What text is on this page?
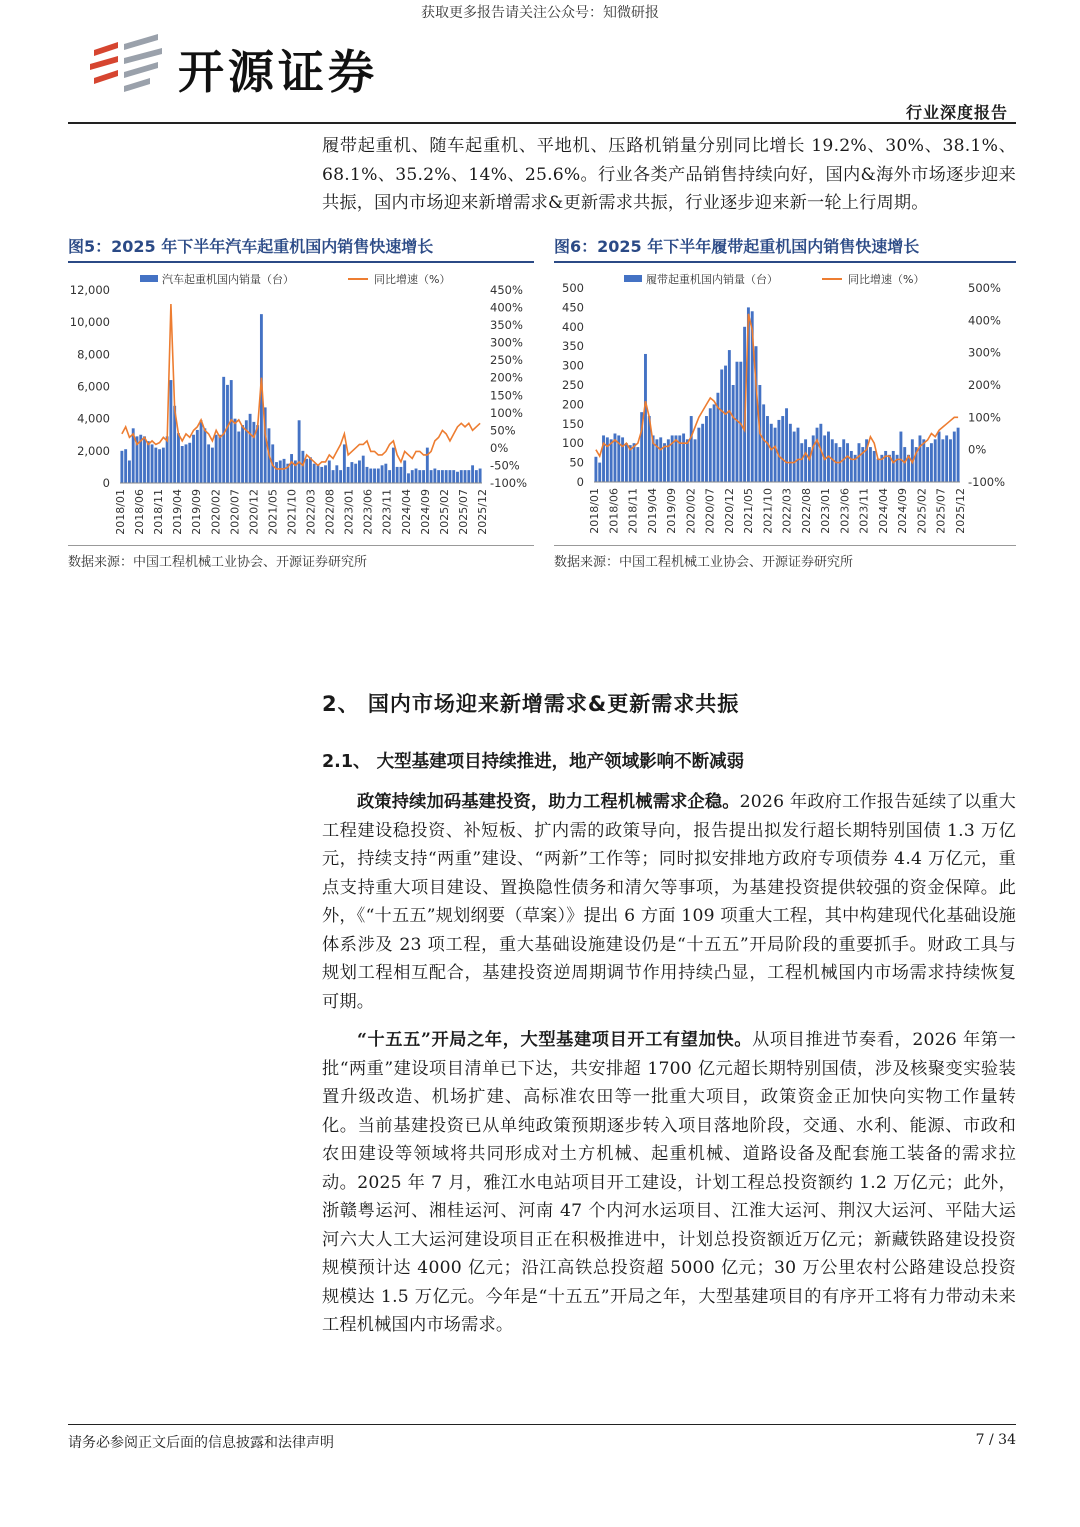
获取更多报告请关注公众号：知微研报
开源证券
行业深度报告
履带起重机、随车起重机、平地机、压路机销量分别同比增长 19.2%、30%、38.1%、68.1%、35.2%、14%、25.6%。行业各类产品销售持续向好，国内&海外市场逐步迎来共振，国内市场迎来新增需求&更新需求共振，行业逐步迎来新一轮上行周期。
图5：2025 年下半年汽车起重机国内销售快速增长
汽车起重机国内销量（台）	同比增速（%）
12,000
10,000
8,000
6,000
4,000
2,000
0
450%
400%
350%
300%
250%
200%
150%
100%
50%
0%
-50%
-100%
2018/01 2018/06 2018/11 2019/04 2019/09 2020/02 2020/07 2020/12 2021/05 2021/10 2022/03 2022/08 2023/01 2023/06 2023/11 2024/04 2024/09 2025/02 2025/07 2025/12
数据来源：中国工程机械工业协会、开源证券研究所
图6：2025 年下半年履带起重机国内销售快速增长
履带起重机国内销量（台）	同比增速（%）
500
450
400
350
300
250
200
150
100
50
0
500%
400%
300%
200%
100%
0%
-100%
2018/01 2018/06 2018/11 2019/04 2019/09 2020/02 2020/07 2020/12 2021/05 2021/10 2022/03 2022/08 2023/01 2023/06 2023/11 2024/04 2024/09 2025/02 2025/07 2025/12
数据来源：中国工程机械工业协会、开源证券研究所
2、 国内市场迎来新增需求&更新需求共振
2.1、 大型基建项目持续推进，地产领域影响不断减弱
政策持续加码基建投资，助力工程机械需求企稳。2026 年政府工作报告延续了以重大工程建设稳投资、补短板、扩内需的政策导向，报告提出拟发行超长期特别国债 1.3 万亿元，持续支持“两重”建设、“两新”工作等；同时拟安排地方政府专项债券 4.4 万亿元，重点支持重大项目建设、置换隐性债务和清欠等事项，为基建投资提供较强的资金保障。此外，《“十五五”规划纲要（草案）》提出 6 方面 109 项重大工程，其中构建现代化基础设施体系涉及 23 项工程，重大基础设施建设仍是“十五五”开局阶段的重要抓手。财政工具与规划工程相互配合，基建投资逆周期调节作用持续凸显，工程机械国内市场需求持续恢复可期。
“十五五”开局之年，大型基建项目开工有望加快。从项目推进节奏看，2026 年第一批“两重”建设项目清单已下达，共安排超 1700 亿元超长期特别国债，涉及核聚变实验装置升级改造、机场扩建、高标准农田等一批重大项目，政策资金正加快向实物工作量转化。当前基建投资已从单纯政策预期逐步转入项目落地阶段，交通、水利、能源、市政和农田建设等领域将共同形成对土方机械、起重机械、道路设备及配套施工装备的需求拉动。2025 年 7 月，雅江水电站项目开工建设，计划工程总投资额约 1.2 万亿元；此外，浙赣粤运河、湘桂运河、河南 47 个内河水运项目、江淮大运河、荆汉大运河、平陆大运河六大人工大运河建设项目正在积极推进中，计划总投资额近万亿元；新藏铁路建设投资规模预计达 4000 亿元；沿江高铁总投资超 5000 亿元；30 万公里农村公路建设总投资规模达 1.5 万亿元。今年是“十五五”开局之年，大型基建项目的有序开工将有力带动未来工程机械国内市场需求。
请务必参阅正文后面的信息披露和法律声明	7 / 34
